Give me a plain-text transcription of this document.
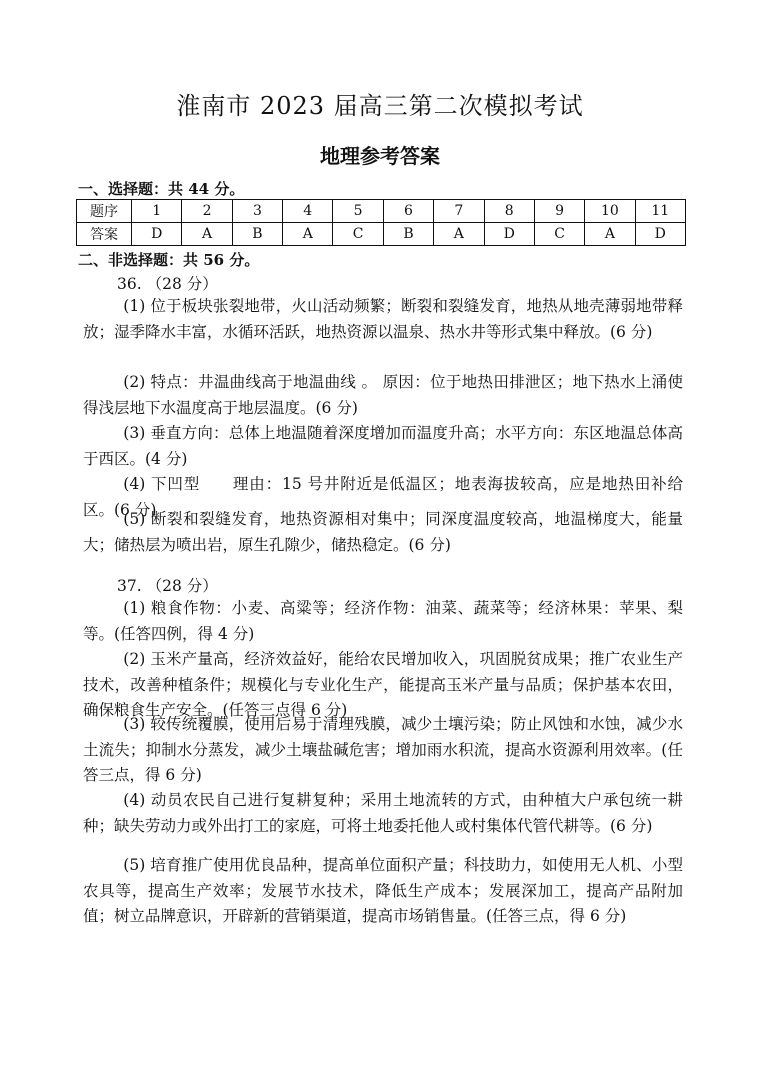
淮南市 2023 届高三第二次模拟考试
地理参考答案
一、选择题：共 44 分。
题序	1	2	3	4	5	6	7	8	9	10	11
答案	D	A	B	A	C	B	A	D	C	A	D
二、非选择题：共 56 分。
36. （28 分）
(1) 位于板块张裂地带，火山活动频繁；断裂和裂缝发育，地热从地壳薄弱地带释放；湿季降水丰富，水循环活跃，地热资源以温泉、热水井等形式集中释放。(6 分)
(2) 特点：井温曲线高于地温曲线 。 原因：位于地热田排泄区；地下热水上涌使得浅层地下水温度高于地层温度。(6 分)
(3) 垂直方向：总体上地温随着深度增加而温度升高；水平方向：东区地温总体高于西区。(4 分)
(4) 下凹型　　理由：15 号井附近是低温区；地表海拔较高，应是地热田补给区。(6 分)
(5) 断裂和裂缝发育，地热资源相对集中；同深度温度较高，地温梯度大，能量大；储热层为喷出岩，原生孔隙少，储热稳定。(6 分)
37. （28 分）
(1) 粮食作物：小麦、高粱等；经济作物：油菜、蔬菜等；经济林果：苹果、梨等。(任答四例，得 4 分)
(2) 玉米产量高，经济效益好，能给农民增加收入，巩固脱贫成果；推广农业生产技术，改善种植条件；规模化与专业化生产，能提高玉米产量与品质；保护基本农田，确保粮食生产安全。(任答三点得 6 分)
(3) 较传统覆膜，使用后易于清理残膜，减少土壤污染；防止风蚀和水蚀，减少水土流失；抑制水分蒸发，减少土壤盐碱危害；增加雨水积流，提高水资源利用效率。(任答三点，得 6 分)
(4) 动员农民自己进行复耕复种；采用土地流转的方式，由种植大户承包统一耕种；缺失劳动力或外出打工的家庭，可将土地委托他人或村集体代管代耕等。(6 分)
(5) 培育推广使用优良品种，提高单位面积产量；科技助力，如使用无人机、小型农具等，提高生产效率；发展节水技术，降低生产成本；发展深加工，提高产品附加值；树立品牌意识，开辟新的营销渠道，提高市场销售量。(任答三点，得 6 分)
